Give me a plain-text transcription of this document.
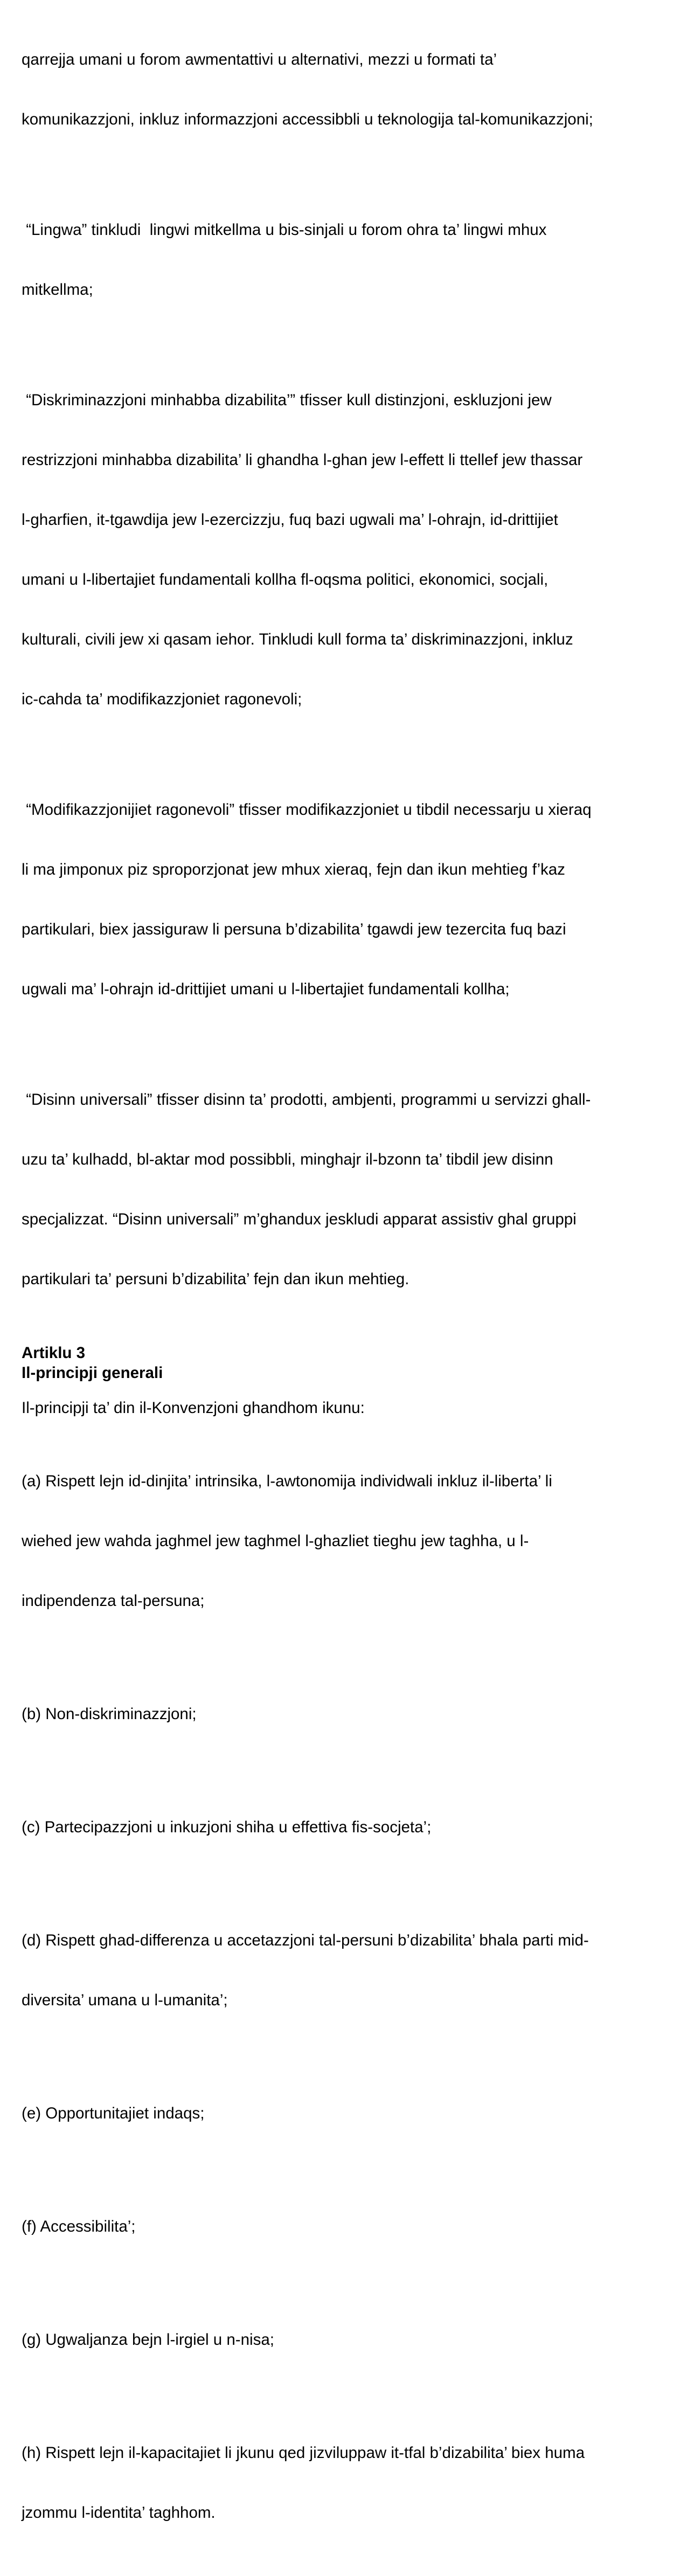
qarrejja umani u forom awmentattivi u alternativi, mezzi u formati ta’

komunikazzjoni, inkluz informazzjoni accessibbli u teknologija tal-komunikazzjoni;

“Lingwa” tinkludi  lingwi mitkellma u bis-sinjali u forom ohra ta’ lingwi mhux

mitkellma;

“Diskriminazzjoni minhabba dizabilita’” tfisser kull distinzjoni, eskluzjoni jew

restrizzjoni minhabba dizabilita’ li ghandha l-ghan jew l-effett li ttellef jew thassar

l-gharfien, it-tgawdija jew l-ezercizzju, fuq bazi ugwali ma’ l-ohrajn, id-drittijiet

umani u l-libertajiet fundamentali kollha fl-oqsma politici, ekonomici, socjali,

kulturali, civili jew xi qasam iehor. Tinkludi kull forma ta’ diskriminazzjoni, inkluz

ic-cahda ta’ modifikazzjoniet ragonevoli;

“Modifikazzjonijiet ragonevoli” tfisser modifikazzjoniet u tibdil necessarju u xieraq

li ma jimponux piz sproporzjonat jew mhux xieraq, fejn dan ikun mehtieg f’kaz

partikulari, biex jassiguraw li persuna b’dizabilita’ tgawdi jew tezercita fuq bazi

ugwali ma’ l-ohrajn id-drittijiet umani u l-libertajiet fundamentali kollha;

“Disinn universali” tfisser disinn ta’ prodotti, ambjenti, programmi u servizzi ghall-

uzu ta’ kulhadd, bl-aktar mod possibbli, minghajr il-bzonn ta’ tibdil jew disinn

specjalizzat. “Disinn universali” m’ghandux jeskludi apparat assistiv ghal gruppi

partikulari ta’ persuni b’dizabilita’ fejn dan ikun mehtieg.

Artiklu 3
Il-principji generali
Il-principji ta’ din il-Konvenzjoni ghandhom ikunu:

(a) Rispett lejn id-dinjita’ intrinsika, l-awtonomija individwali inkluz il-liberta’ li

wiehed jew wahda jaghmel jew taghmel l-ghazliet tieghu jew taghha, u l-

indipendenza tal-persuna;

(b) Non-diskriminazzjoni;

(c) Partecipazzjoni u inkuzjoni shiha u effettiva fis-socjeta’;

(d) Rispett ghad-differenza u accetazzjoni tal-persuni b’dizabilita’ bhala parti mid-

diversita’ umana u l-umanita’;

(e) Opportunitajiet indaqs;

(f) Accessibilita’;

(g) Ugwaljanza bejn l-irgiel u n-nisa;

(h) Rispett lejn il-kapacitajiet li jkunu qed jizviluppaw it-tfal b’dizabilita’ biex huma

jzommu l-identita’ taghhom.
